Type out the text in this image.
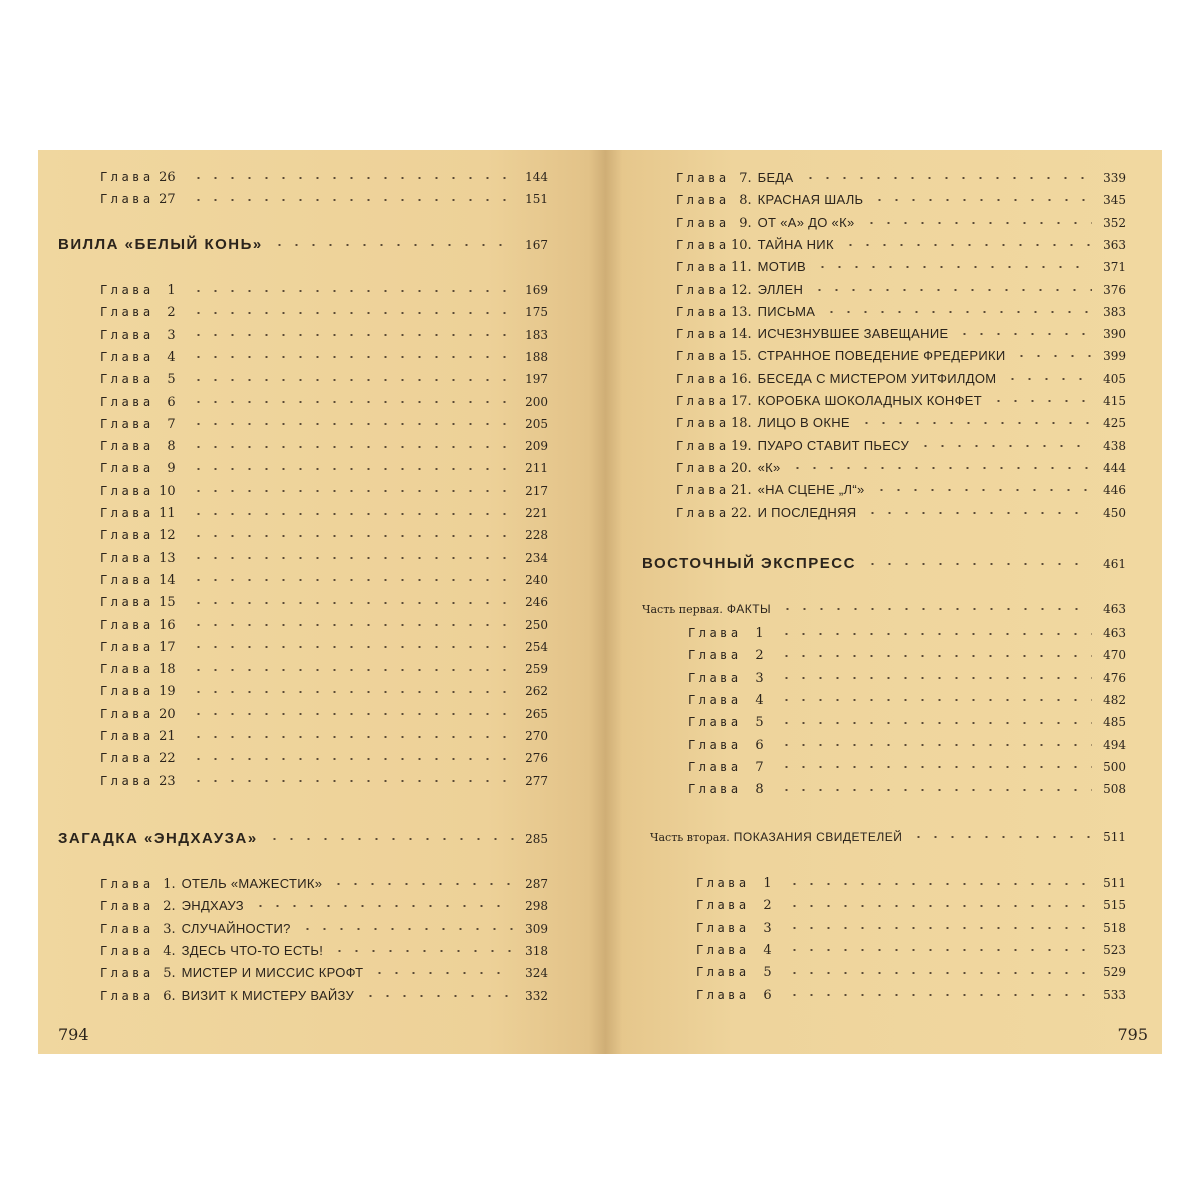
Глава 26	144
Глава 27	151
ВИЛЛА «БЕЛЫЙ КОНЬ»	167
Глава	1	169
Глава	2	175
Глава	3	183
Глава	4	188
Глава	5	197
Глава	6	200
Глава	7	205
Глава	8	209
Глава	9	211
Глава 10	217
Глава 11	221
Глава 12	228
Глава 13	234
Глава 14	240
Глава 15	246
Глава 16	250
Глава 17	254
Глава 18	259
Глава 19	262
Глава 20	265
Глава 21	270
Глава 22	276
Глава 23	277
ЗАГАДКА «ЭНДХАУЗА»	285
Глава 1. ОТЕЛЬ «МАЖЕСТИК»	287
Глава 2. ЭНДХАУЗ	298
Глава 3. СЛУЧАЙНОСТИ?	309
Глава 4. ЗДЕСЬ ЧТО-ТО ЕСТЬ!	318
Глава 5. МИСТЕР И МИССИС КРОФТ	324
Глава 6. ВИЗИТ К МИСТЕРУ ВАЙЗУ	332
794
Глава 7. БЕДА	339
Глава 8. КРАСНАЯ ШАЛЬ	345
Глава 9. ОТ «А» ДО «К»	352
Глава 10. ТАЙНА НИК	363
Глава 11. МОТИВ	371
Глава 12. ЭЛЛЕН	376
Глава 13. ПИСЬМА	383
Глава 14. ИСЧЕЗНУВШЕЕ ЗАВЕЩАНИЕ	390
Глава 15. СТРАННОЕ ПОВЕДЕНИЕ ФРЕДЕРИКИ	399
Глава 16. БЕСЕДА С МИСТЕРОМ УИТФИЛДОМ	405
Глава 17. КОРОБКА ШОКОЛАДНЫХ КОНФЕТ	415
Глава 18. ЛИЦО В ОКНЕ	425
Глава 19. ПУАРО СТАВИТ ПЬЕСУ	438
Глава 20. «К»	444
Глава 21. «НА СЦЕНЕ „Л“»	446
Глава 22. И ПОСЛЕДНЯЯ	450
ВОСТОЧНЫЙ ЭКСПРЕСС	461
Часть первая. ФАКТЫ	463
Глава	1	463
Глава	2	470
Глава	3	476
Глава	4	482
Глава	5	485
Глава	6	494
Глава	7	500
Глава	8	508
Часть вторая. ПОКАЗАНИЯ СВИДЕТЕЛЕЙ	511
Глава	1	511
Глава	2	515
Глава	3	518
Глава	4	523
Глава	5	529
Глава	6	533
795
